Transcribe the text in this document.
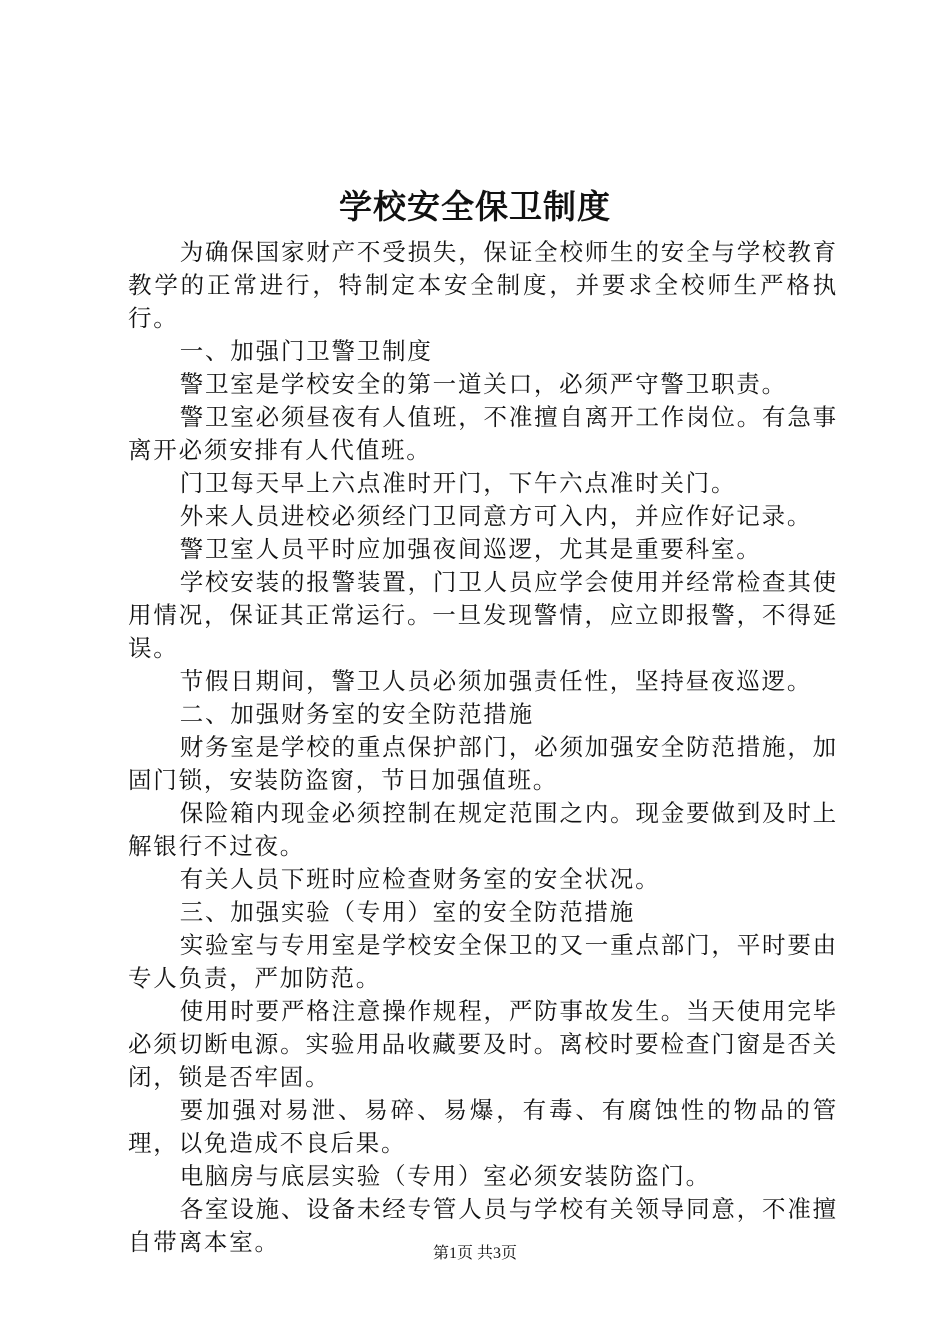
学校安全保卫制度

为确保国家财产不受损失，保证全校师生的安全与学校教育教学的正常进行，特制定本安全制度，并要求全校师生严格执行。

一、加强门卫警卫制度

警卫室是学校安全的第一道关口，必须严守警卫职责。

警卫室必须昼夜有人值班，不准擅自离开工作岗位。有急事离开必须安排有人代值班。

门卫每天早上六点准时开门，下午六点准时关门。

外来人员进校必须经门卫同意方可入内，并应作好记录。

警卫室人员平时应加强夜间巡逻，尤其是重要科室。

学校安装的报警装置，门卫人员应学会使用并经常检查其使用情况，保证其正常运行。一旦发现警情，应立即报警，不得延误。

节假日期间，警卫人员必须加强责任性，坚持昼夜巡逻。

二、加强财务室的安全防范措施

财务室是学校的重点保护部门，必须加强安全防范措施，加固门锁，安装防盗窗，节日加强值班。

保险箱内现金必须控制在规定范围之内。现金要做到及时上解银行不过夜。

有关人员下班时应检查财务室的安全状况。

三、加强实验（专用）室的安全防范措施

实验室与专用室是学校安全保卫的又一重点部门，平时要由专人负责，严加防范。

使用时要严格注意操作规程，严防事故发生。当天使用完毕必须切断电源。实验用品收藏要及时。离校时要检查门窗是否关闭，锁是否牢固。

要加强对易泄、易碎、易爆，有毒、有腐蚀性的物品的管理，以免造成不良后果。

电脑房与底层实验（专用）室必须安装防盗门。

各室设施、设备未经专管人员与学校有关领导同意，不准擅自带离本室。	第1页 共3页
